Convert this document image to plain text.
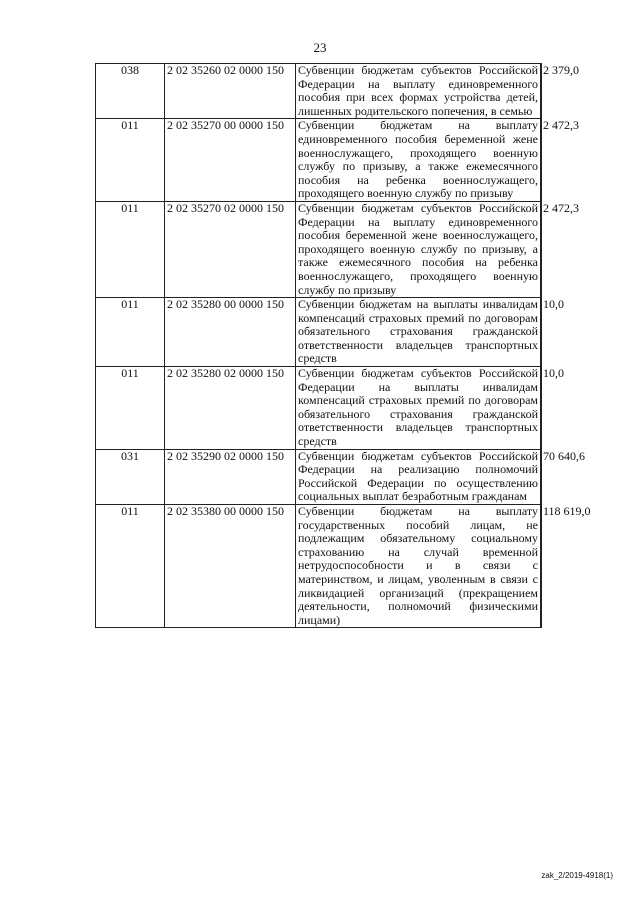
23
038	2 02 35260 02 0000 150	Субвенции бюджетам субъектов Российской Федерации на выплату единовременного пособия при всех формах устройства детей, лишенных родительского попечения, в семью	2 379,0
011	2 02 35270 00 0000 150	Субвенции бюджетам на выплату единовременного пособия беременной жене военнослужащего, проходящего военную службу по призыву, а также ежемесячного пособия на ребенка военнослужащего, проходящего военную службу по призыву	2 472,3
011	2 02 35270 02 0000 150	Субвенции бюджетам субъектов Российской Федерации на выплату единовременного пособия беременной жене военнослужащего, проходящего военную службу по призыву, а также ежемесячного пособия на ребенка военнослужащего, проходящего военную службу по призыву	2 472,3
011	2 02 35280 00 0000 150	Субвенции бюджетам на выплаты инвалидам компенсаций страховых премий по договорам обязательного страхования гражданской ответственности владельцев транспортных средств	10,0
011	2 02 35280 02 0000 150	Субвенции бюджетам субъектов Российской Федерации на выплаты инвалидам компенсаций страховых премий по договорам обязательного страхования гражданской ответственности владельцев транспортных средств	10,0
031	2 02 35290 02 0000 150	Субвенции бюджетам субъектов Российской Федерации на реализацию полномочий Российской Федерации по осуществлению социальных выплат безработным гражданам	70 640,6
011	2 02 35380 00 0000 150	Субвенции бюджетам на выплату государственных пособий лицам, не подлежащим обязательному социальному страхованию на случай временной нетрудоспособности и в связи с материнством, и лицам, уволенным в связи с ликвидацией организаций (прекращением деятельности, полномочий физическими лицами)	118 619,0
zak_2/2019-4918(1)
